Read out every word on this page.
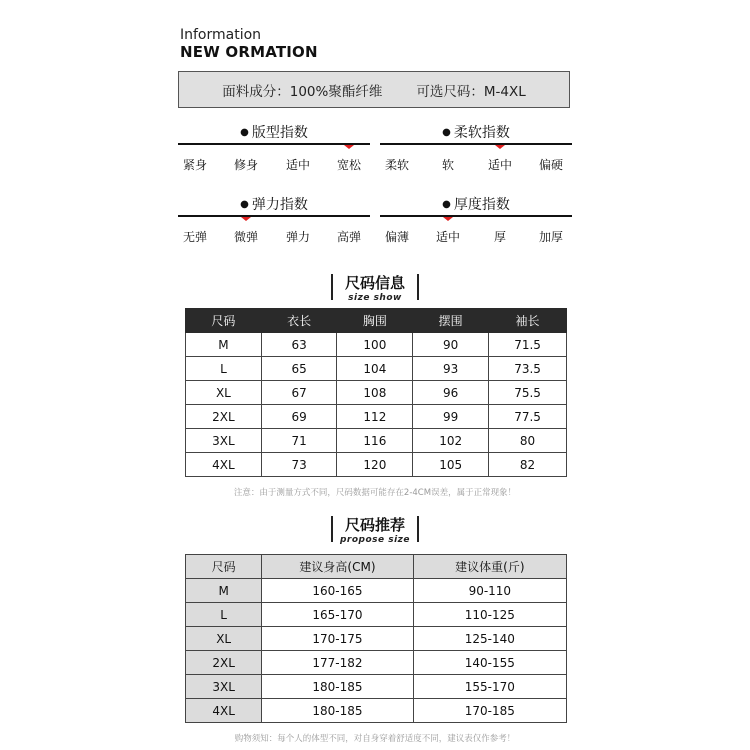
Information
NEW ORMATION
面料成分：100%聚酯纤维	可选尺码：M-4XL
● 版型指数
紧身	修身	适中	宽松
● 柔软指数
柔软	软	适中	偏硬
● 弹力指数
无弹	微弹	弹力	高弹
● 厚度指数
偏薄	适中	厚	加厚
尺码信息
size show
尺码	衣长	胸围	摆围	袖长
M	63	100	90	71.5
L	65	104	93	73.5
XL	67	108	96	75.5
2XL	69	112	99	77.5
3XL	71	116	102	80
4XL	73	120	105	82
注意：由于测量方式不同，尺码数据可能存在2-4CM误差，属于正常现象！
尺码推荐
propose size
尺码	建议身高(CM)	建议体重(斤)
M	160-165	90-110
L	165-170	110-125
XL	170-175	125-140
2XL	177-182	140-155
3XL	180-185	155-170
4XL	180-185	170-185
购物须知：每个人的体型不同，对自身穿着舒适度不同，建议表仅作参考！
